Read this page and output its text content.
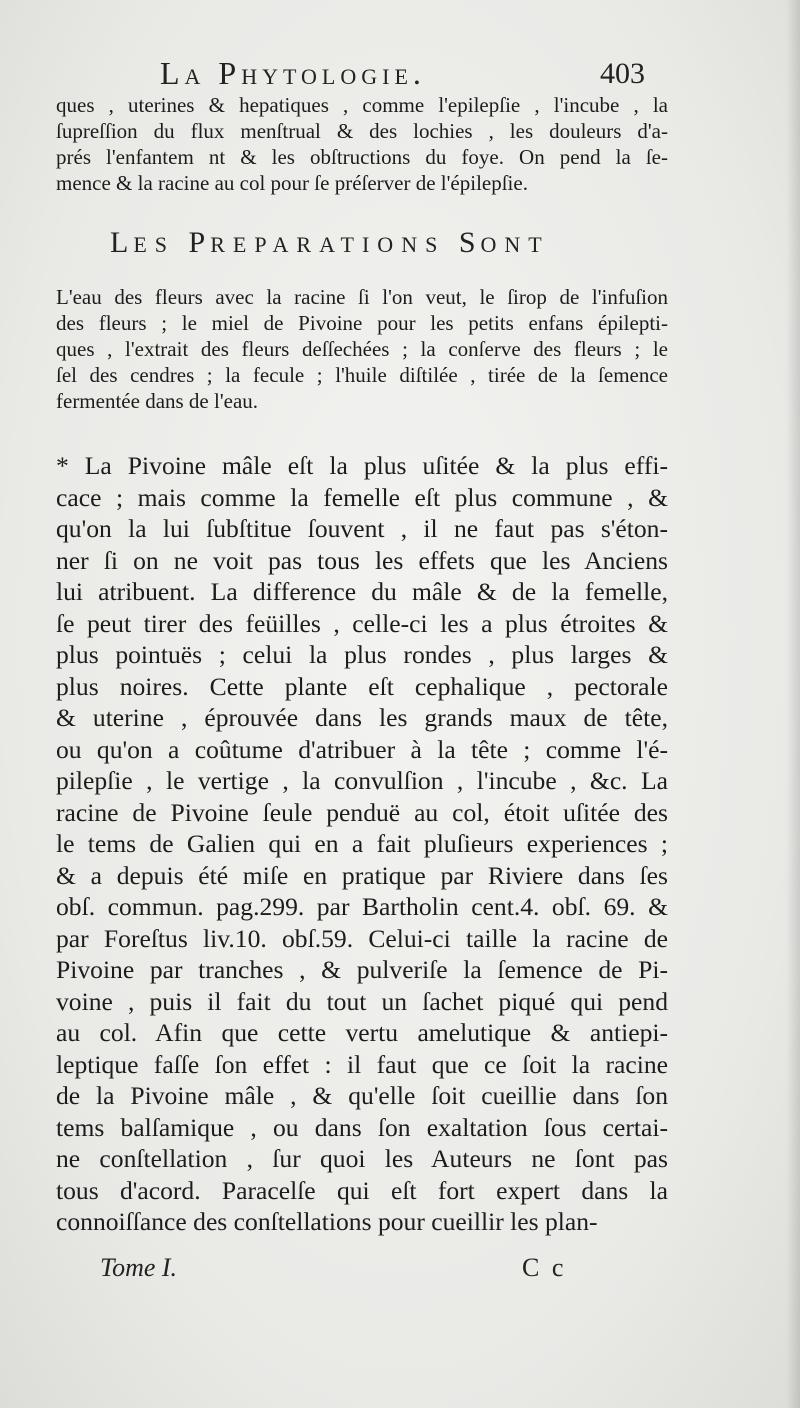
La Phytologie.	403
ques , uterines & hepatiques , comme l'epilepſie , l'incube , la
ſupreſſion du flux menſtrual & des lochies , les douleurs d'a-
prés l'enfantem nt & les obſtructions du foye. On pend la ſe-
mence & la racine au col pour ſe préſerver de l'épilepſie.
LES PREPARATIONS SONT
L'eau des fleurs avec la racine ſi l'on veut, le ſirop de l'infuſion
des fleurs ; le miel de Pivoine pour les petits enfans épilepti-
ques , l'extrait des fleurs deſſechées ; la conſerve des fleurs ; le
ſel des cendres ; la fecule ; l'huile diſtilée , tirée de la ſemence
fermentée dans de l'eau.
* La Pivoine mâle eſt la plus uſitée & la plus effi-
cace ; mais comme la femelle eſt plus commune , &
qu'on la lui ſubſtitue ſouvent , il ne faut pas s'éton-
ner ſi on ne voit pas tous les effets que les Anciens
lui atribuent. La difference du mâle & de la femelle,
ſe peut tirer des feüilles , celle-ci les a plus étroites &
plus pointuës ; celui la plus rondes , plus larges &
plus noires. Cette plante eſt cephalique , pectorale
& uterine , éprouvée dans les grands maux de tête,
ou qu'on a coûtume d'atribuer à la tête ; comme l'é-
pilepſie , le vertige , la convulſion , l'incube , &c. La
racine de Pivoine ſeule penduë au col, étoit uſitée des
le tems de Galien qui en a fait pluſieurs experiences ;
& a depuis été miſe en pratique par Riviere dans ſes
obſ. commun. pag.299. par Bartholin cent.4. obſ. 69. &
par Foreſtus liv.10. obſ.59. Celui-ci taille la racine de
Pivoine par tranches , & pulveriſe la ſemence de Pi-
voine , puis il fait du tout un ſachet piqué qui pend
au col. Afin que cette vertu amelutique & antiepi-
leptique faſſe ſon effet : il faut que ce ſoit la racine
de la Pivoine mâle , & qu'elle ſoit cueillie dans ſon
tems balſamique , ou dans ſon exaltation ſous certai-
ne conſtellation , ſur quoi les Auteurs ne ſont pas
tous d'acord. Paracelſe qui eſt fort expert dans la
connoiſſance des conſtellations pour cueillir les plan-
Tome I.	C c
